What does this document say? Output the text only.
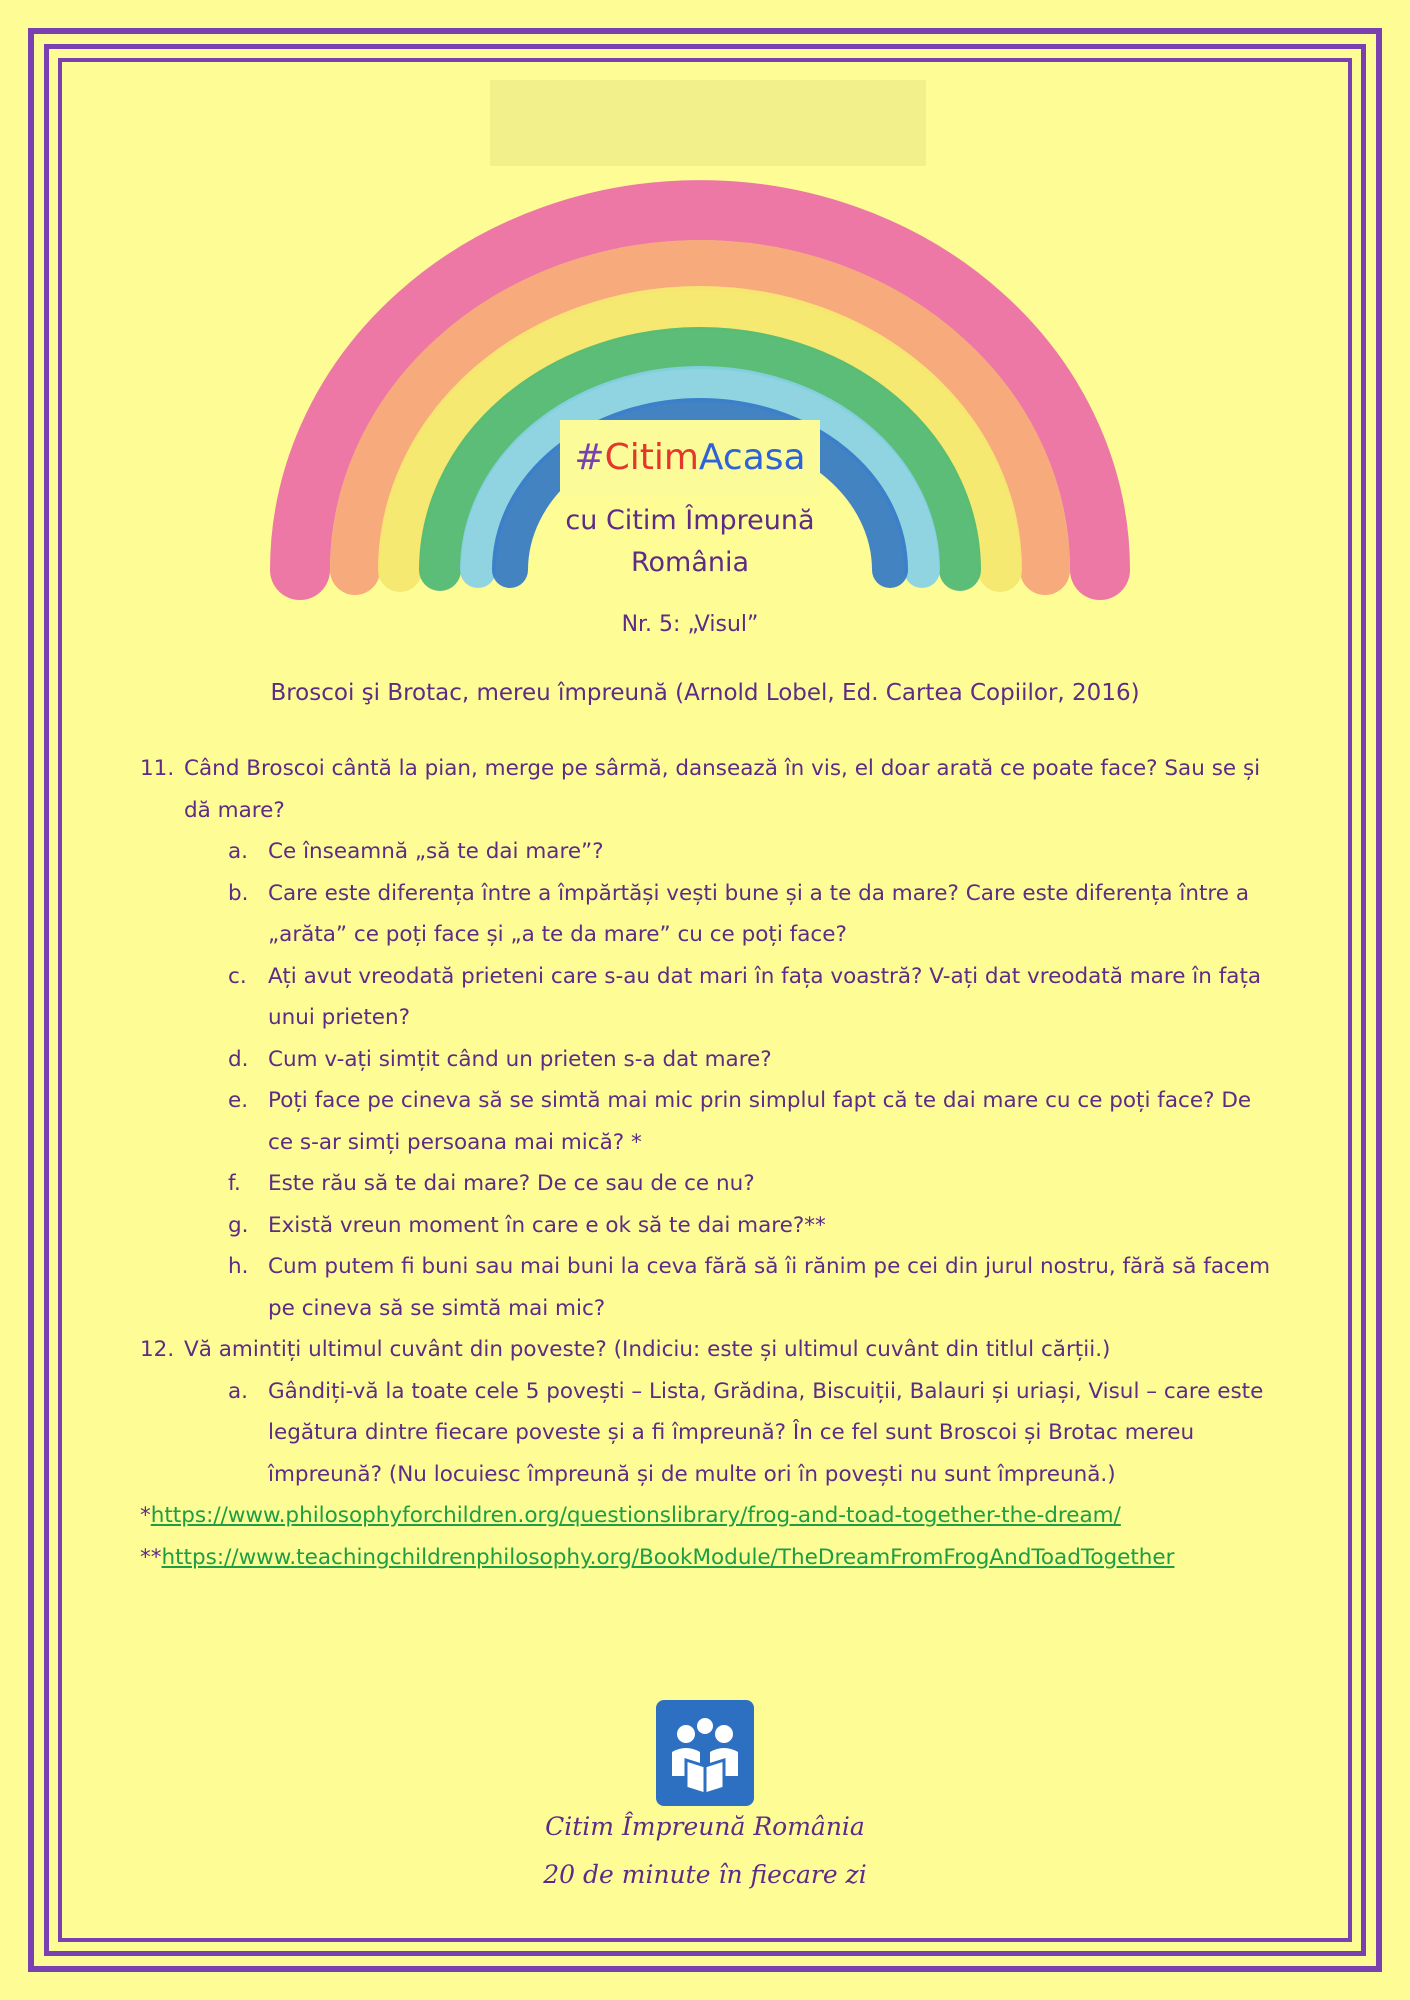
#CitimAcasa
cu Citim Împreună
România
Nr. 5: „Visul”
Broscoi şi Brotac, mereu împreună (Arnold Lobel, Ed. Cartea Copiilor, 2016)
11. Când Broscoi cântă la pian, merge pe sârmă, dansează în vis, el doar arată ce poate face? Sau se și dă mare?
a. Ce înseamnă „să te dai mare”?
b. Care este diferența între a împărtăși vești bune și a te da mare? Care este diferența între a „arăta” ce poți face și „a te da mare” cu ce poți face?
c. Ați avut vreodată prieteni care s-au dat mari în fața voastră? V-ați dat vreodată mare în fața unui prieten?
d. Cum v-ați simțit când un prieten s-a dat mare?
e. Poți face pe cineva să se simtă mai mic prin simplul fapt că te dai mare cu ce poți face? De ce s-ar simți persoana mai mică? *
f. Este rău să te dai mare? De ce sau de ce nu?
g. Există vreun moment în care e ok să te dai mare?**
h. Cum putem fi buni sau mai buni la ceva fără să îi rănim pe cei din jurul nostru, fără să facem pe cineva să se simtă mai mic?
12. Vă amintiți ultimul cuvânt din poveste? (Indiciu: este și ultimul cuvânt din titlul cărții.)
a. Gândiți-vă la toate cele 5 povești – Lista, Grădina, Biscuiții, Balauri și uriași, Visul – care este legătura dintre fiecare poveste și a fi împreună? În ce fel sunt Broscoi și Brotac mereu împreună? (Nu locuiesc împreună și de multe ori în povești nu sunt împreună.)
*https://www.philosophyforchildren.org/questionslibrary/frog-and-toad-together-the-dream/
**https://www.teachingchildrenphilosophy.org/BookModule/TheDreamFromFrogAndToadTogether
Citim Împreună România
20 de minute în fiecare zi
